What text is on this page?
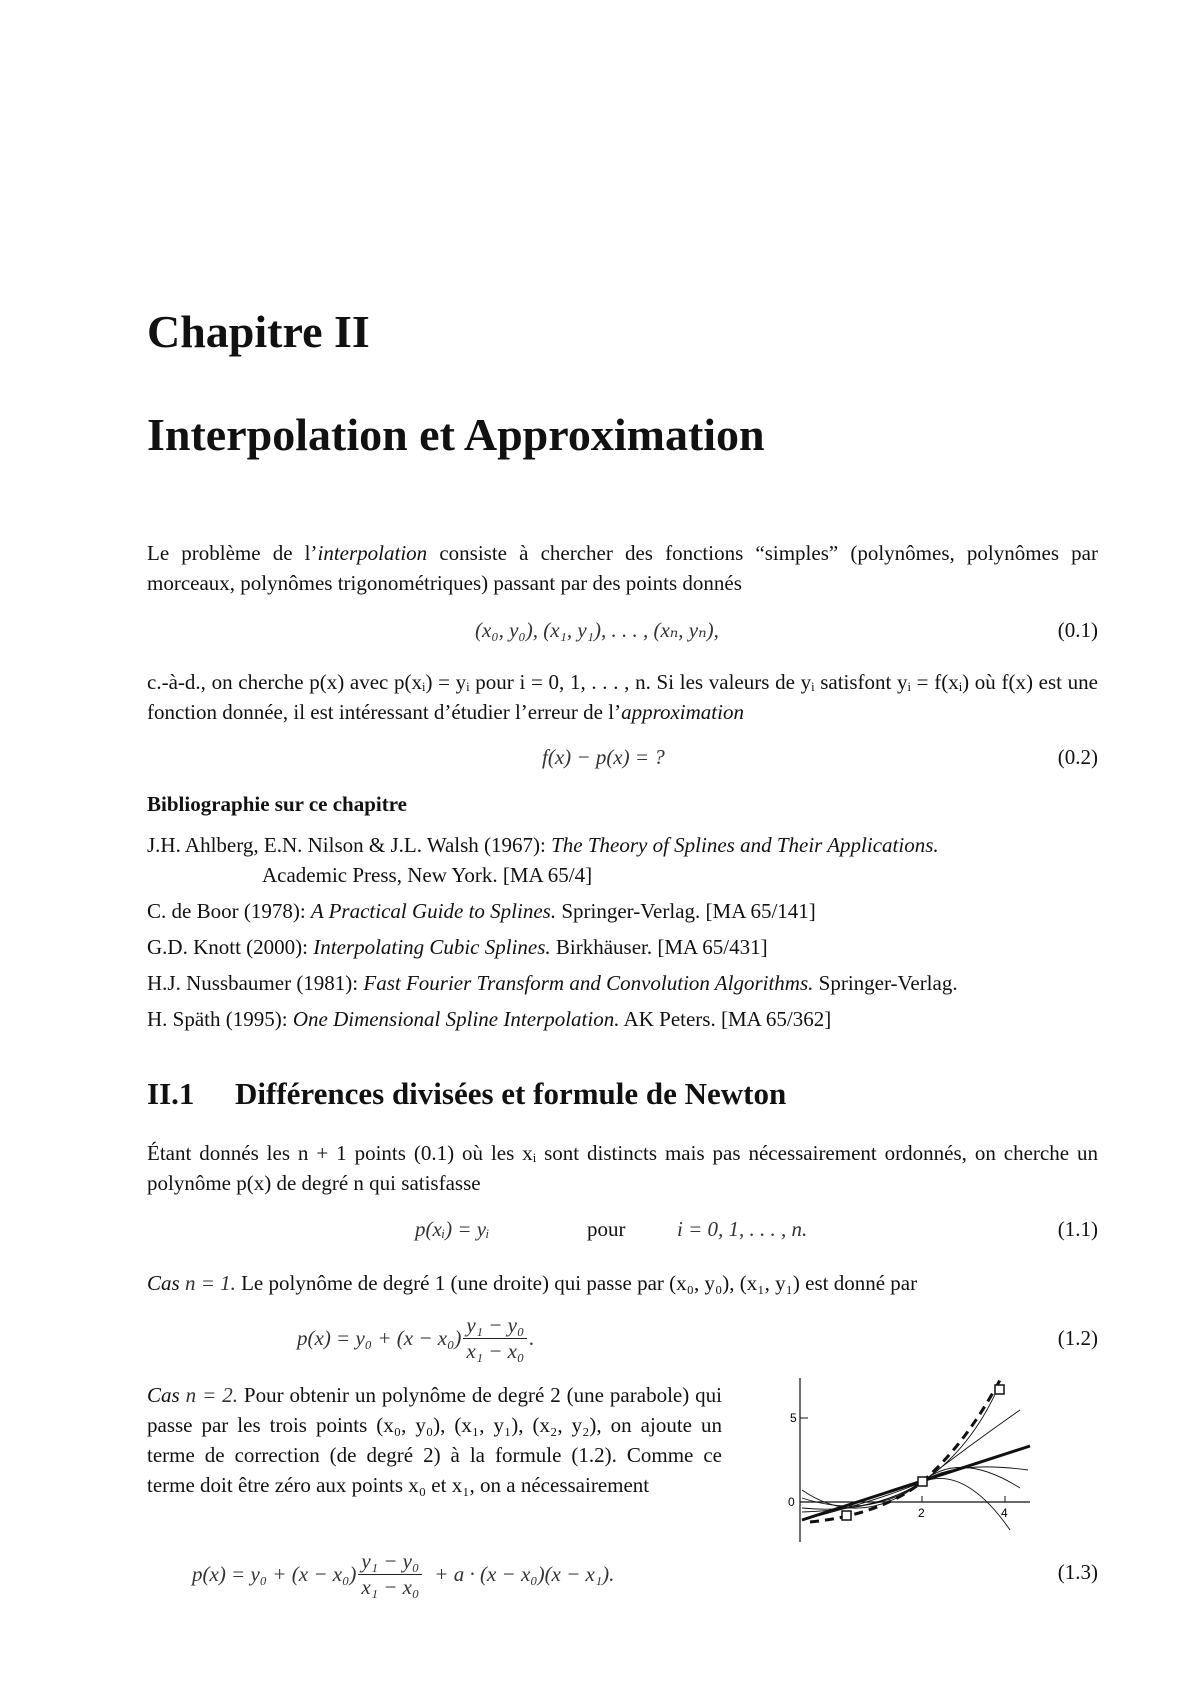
Chapitre II
Interpolation et Approximation

Le problème de l’interpolation consiste à chercher des fonctions “simples” (polynômes, polynômes par morceaux, polynômes trigonométriques) passant par des points donnés

(x₀, y₀), (x₁, y₁), . . . , (xₙ, yₙ),	(0.1)

c.-à-d., on cherche p(x) avec p(xᵢ) = yᵢ pour i = 0, 1, . . . , n. Si les valeurs de yᵢ satisfont yᵢ = f(xᵢ) où f(x) est une fonction donnée, il est intéressant d’étudier l’erreur de l’approximation

f(x) − p(x) = ?	(0.2)
Bibliographie sur ce chapitre
J.H. Ahlberg, E.N. Nilson & J.L. Walsh (1967): The Theory of Splines and Their Applications.
Academic Press, New York. [MA 65/4]
C. de Boor (1978): A Practical Guide to Splines. Springer-Verlag. [MA 65/141]
G.D. Knott (2000): Interpolating Cubic Splines. Birkhäuser. [MA 65/431]
H.J. Nussbaumer (1981): Fast Fourier Transform and Convolution Algorithms. Springer-Verlag.
H. Späth (1995): One Dimensional Spline Interpolation. AK Peters. [MA 65/362]
II.1 Différences divisées et formule de Newton
Étant donnés les n + 1 points (0.1) où les xᵢ sont distincts mais pas nécessairement ordonnés, on cherche un polynôme p(x) de degré n qui satisfasse
p(xᵢ) = yᵢ	pour i = 0, 1, . . . , n.	(1.1)
Cas n = 1. Le polynôme de degré 1 (une droite) qui passe par (x₀, y₀), (x₁, y₁) est donné par
$p(x) = y_0 + (x - x_0) \frac{\text{y₁ − y₀}}{\text{x₁ − x₀}}$ .	(1.2)
Cas n = 2. Pour obtenir un polynôme de degré 2 (une parabole) qui passe par les trois points (x₀, y₀), (x₁, y₁), (x₂, y₂), on ajoute un terme de correction (de degré 2) à la formule (1.2). Comme ce terme doit être zéro aux points x₀ et x₁, on a nécessairement
5
0
2	4
$p(x) = y_0 + (x - x_0) \frac{\text{y₁ − y₀}}{\text{x₁ − x₀}} + a \cdot (x - x_0)(x - x_1)$.	(1.3)
